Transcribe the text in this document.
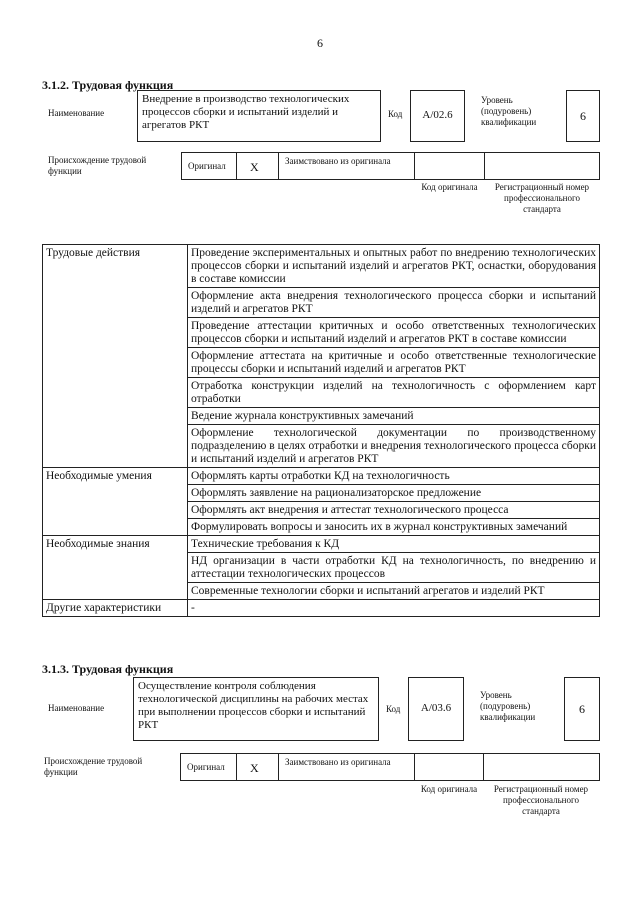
6
3.1.2. Трудовая функция
Наименование
Внедрение в производство технологических процессов сборки и испытаний изделий и агрегатов РКТ
Код	А/02.6
Уровень (подуровень) квалификации	6
Происхождение трудовой функции	Оригинал X	Заимствовано из оригинала
Код оригинала	Регистрационный номер профессионального стандарта
Трудовые действия	Проведение экспериментальных и опытных работ по внедрению технологических процессов сборки и испытаний изделий и агрегатов РКТ, оснастки, оборудования в составе комиссии
	Оформление акта внедрения технологического процесса сборки и испытаний изделий и агрегатов РКТ
	Проведение аттестации критичных и особо ответственных технологических процессов сборки и испытаний изделий и агрегатов РКТ в составе комиссии
	Оформление аттестата на критичные и особо ответственные технологические процессы сборки и испытаний изделий и агрегатов РКТ
	Отработка конструкции изделий на технологичность с оформлением карт отработки
	Ведение журнала конструктивных замечаний
	Оформление технологической документации по производственному подразделению в целях отработки и внедрения технологического процесса сборки и испытаний изделий и агрегатов РКТ
Необходимые умения	Оформлять карты отработки КД на технологичность
	Оформлять заявление на рационализаторское предложение
	Оформлять акт внедрения и аттестат технологического процесса
	Формулировать вопросы и заносить их в журнал конструктивных замечаний
Необходимые знания	Технические требования к КД
	НД организации в части отработки КД на технологичность, по внедрению и аттестации технологических процессов
	Современные технологии сборки и испытаний агрегатов и изделий РКТ
Другие характеристики	-
3.1.3. Трудовая функция
Наименование
Осуществление контроля соблюдения технологической дисциплины на рабочих местах при выполнении процессов сборки и испытаний РКТ
Код	А/03.6
Уровень (подуровень) квалификации
6
Происхождение трудовой функции	Оригинал X	Заимствовано из оригинала
Код оригинала	Регистрационный номер профессионального стандарта
